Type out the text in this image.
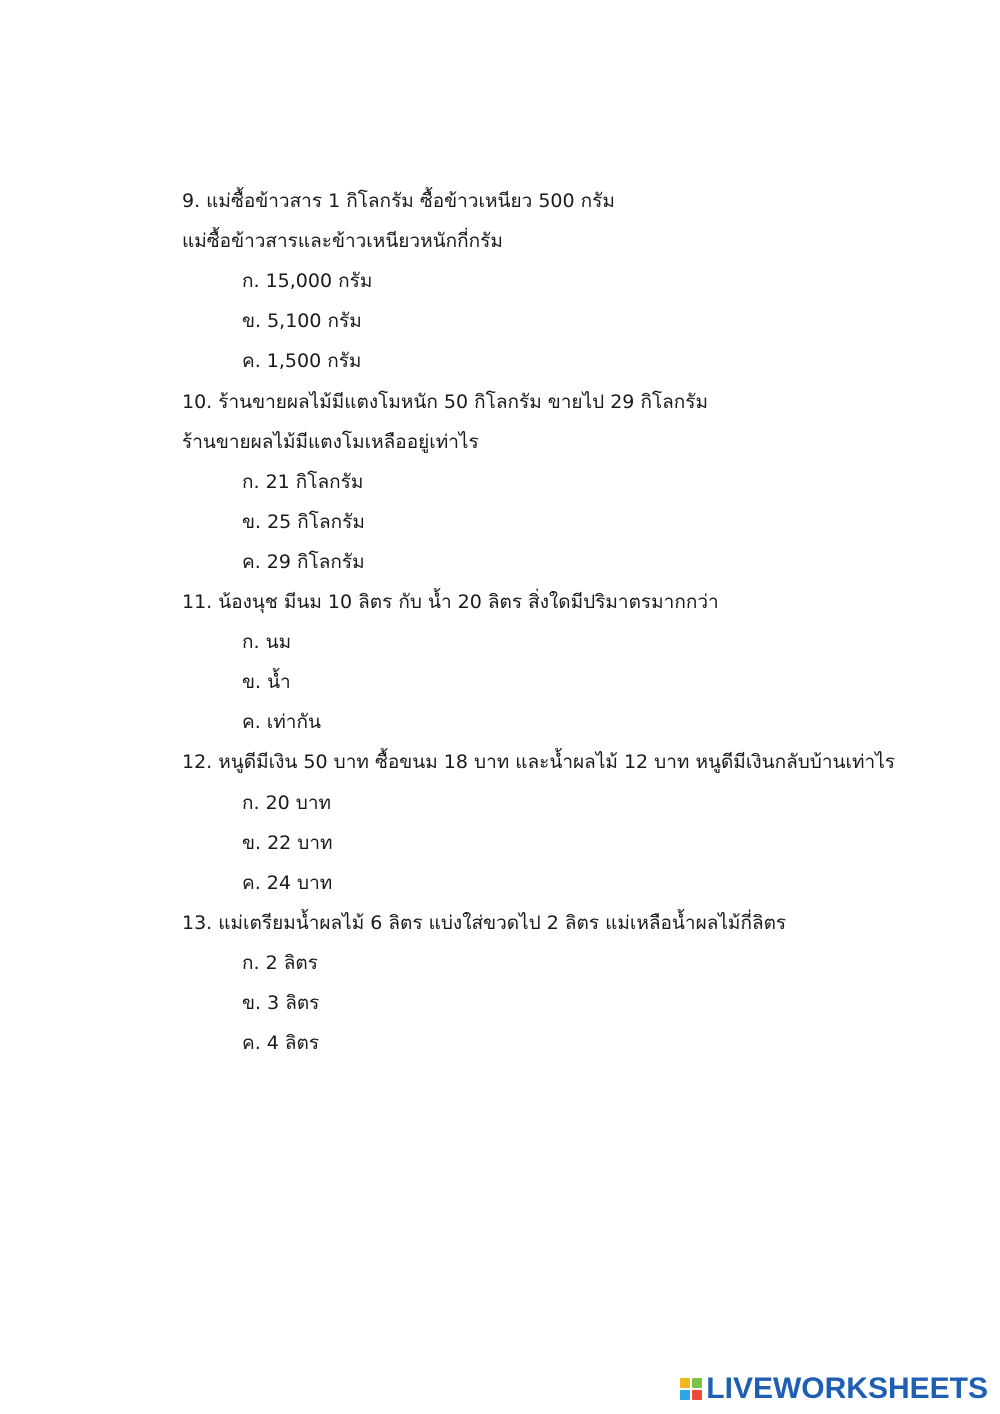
9. แม่ซื้อข้าวสาร 1 กิโลกรัม ซื้อข้าวเหนียว 500 กรัม
แม่ซื้อข้าวสารและข้าวเหนียวหนักกี่กรัม
ก. 15,000 กรัม
ข. 5,100 กรัม
ค. 1,500 กรัม
10. ร้านขายผลไม้มีแตงโมหนัก 50 กิโลกรัม ขายไป 29 กิโลกรัม
ร้านขายผลไม้มีแตงโมเหลืออยู่เท่าไร
ก. 21 กิโลกรัม
ข. 25 กิโลกรัม
ค. 29 กิโลกรัม
11. น้องนุช มีนม 10 ลิตร กับ น้ำ 20 ลิตร สิ่งใดมีปริมาตรมากกว่า
ก. นม
ข. น้ำ
ค. เท่ากัน
12. หนูดีมีเงิน 50 บาท ซื้อขนม 18 บาท และน้ำผลไม้ 12 บาท หนูดีมีเงินกลับบ้านเท่าไร
ก. 20 บาท
ข. 22 บาท
ค. 24 บาท
13. แม่เตรียมน้ำผลไม้ 6 ลิตร แบ่งใส่ขวดไป 2 ลิตร แม่เหลือน้ำผลไม้กี่ลิตร
ก. 2 ลิตร
ข. 3 ลิตร
ค. 4 ลิตร
LIVEWORKSHEETS
